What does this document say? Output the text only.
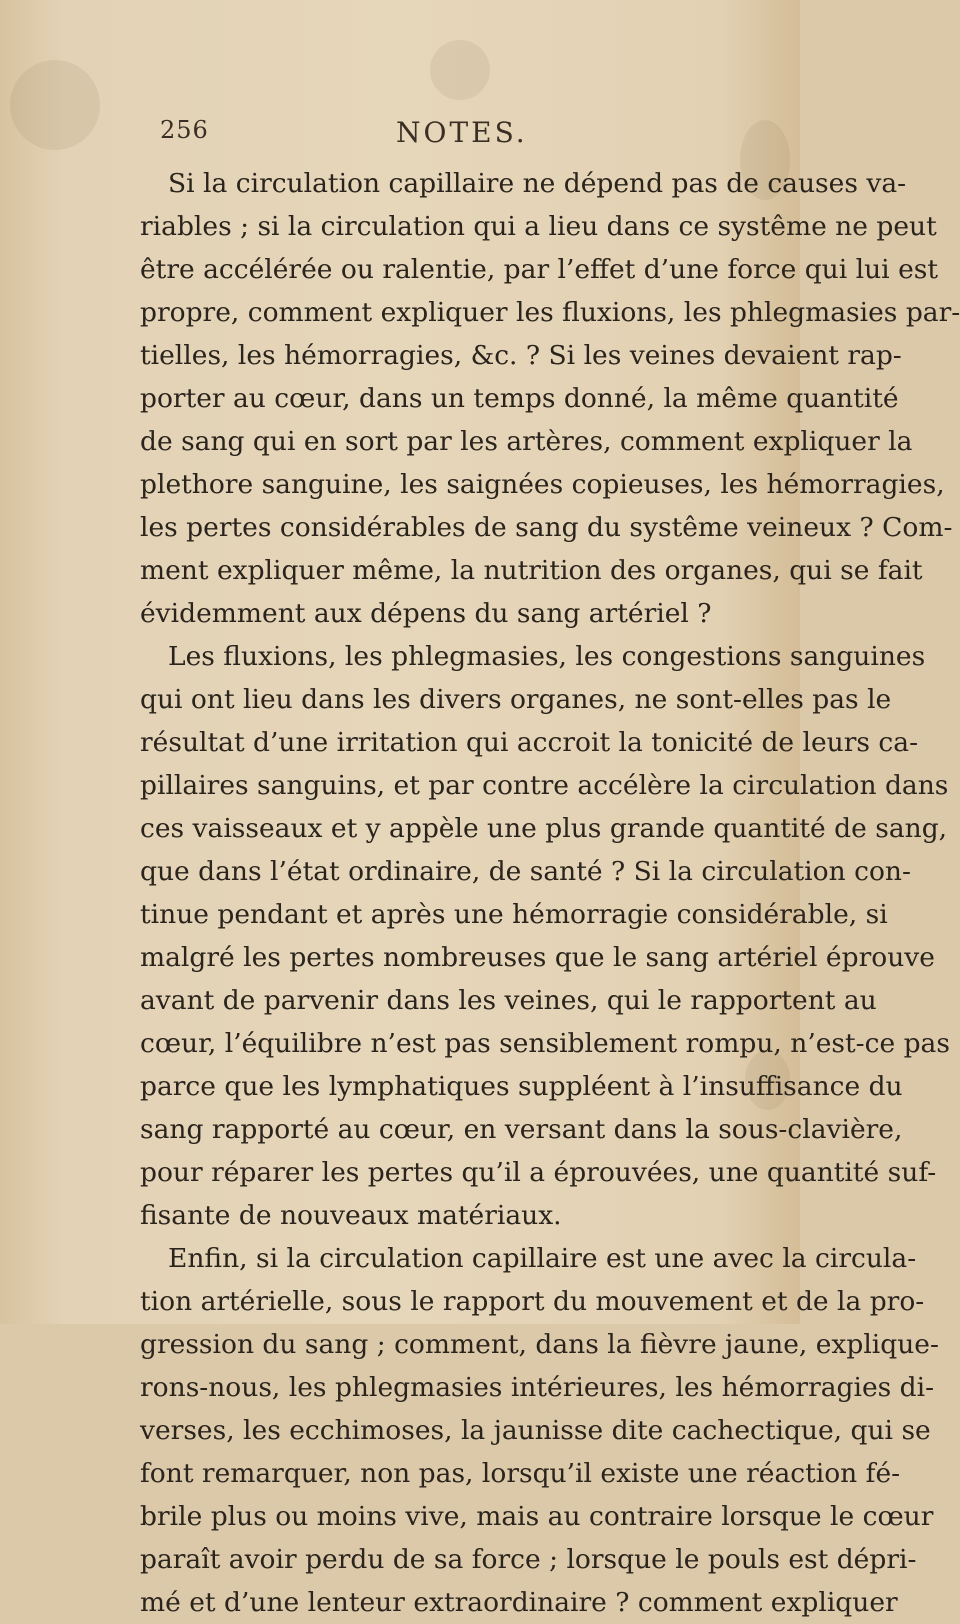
256	NOTES.
Si la circulation capillaire ne dépend pas de causes va-
riables ; si la circulation qui a lieu dans ce systême ne peut
être accélérée ou ralentie, par l’effet d’une force qui lui est
propre, comment expliquer les fluxions, les phlegmasies par-
tielles, les hémorragies, &c. ? Si les veines devaient rap-
porter au cœur, dans un temps donné, la même quantité
de sang qui en sort par les artères, comment expliquer la
plethore sanguine, les saignées copieuses, les hémorragies,
les pertes considérables de sang du systême veineux ? Com-
ment expliquer même, la nutrition des organes, qui se fait
évidemment aux dépens du sang artériel ?
Les fluxions, les phlegmasies, les congestions sanguines
qui ont lieu dans les divers organes, ne sont-elles pas le
résultat d’une irritation qui accroit la tonicité de leurs ca-
pillaires sanguins, et par contre accélère la circulation dans
ces vaisseaux et y appèle une plus grande quantité de sang,
que dans l’état ordinaire, de santé ? Si la circulation con-
tinue pendant et après une hémorragie considérable, si
malgré les pertes nombreuses que le sang artériel éprouve
avant de parvenir dans les veines, qui le rapportent au
cœur, l’équilibre n’est pas sensiblement rompu, n’est-ce pas
parce que les lymphatiques suppléent à l’insuffisance du
sang rapporté au cœur, en versant dans la sous-clavière,
pour réparer les pertes qu’il a éprouvées, une quantité suf-
fisante de nouveaux matériaux.
Enfin, si la circulation capillaire est une avec la circula-
tion artérielle, sous le rapport du mouvement et de la pro-
gression du sang ; comment, dans la fièvre jaune, explique-
rons-nous, les phlegmasies intérieures, les hémorragies di-
verses, les ecchimoses, la jaunisse dite cachectique, qui se
font remarquer, non pas, lorsqu’il existe une réaction fé-
brile plus ou moins vive, mais au contraire lorsque le cœur
paraît avoir perdu de sa force ; lorsque le pouls est dépri-
mé et d’une lenteur extraordinaire ? comment expliquer
